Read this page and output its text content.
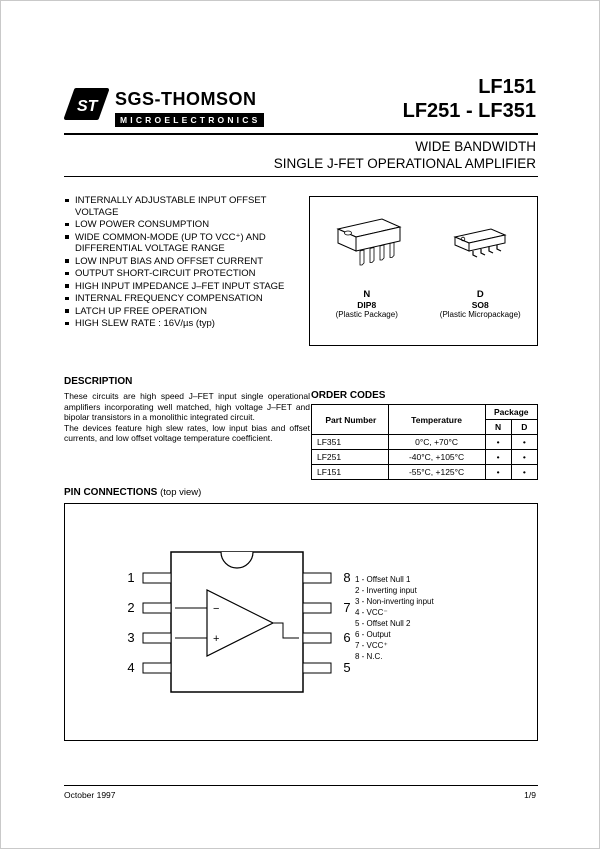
ST SGS-THOMSON
MICROELECTRONICS
LF151
LF251 - LF351
WIDE BANDWIDTH
SINGLE J-FET OPERATIONAL AMPLIFIER
INTERNALLY ADJUSTABLE INPUT OFFSET VOLTAGE
LOW POWER CONSUMPTION
WIDE COMMON-MODE (UP TO VCC⁺) AND DIFFERENTIAL VOLTAGE RANGE
LOW INPUT BIAS AND OFFSET CURRENT
OUTPUT SHORT-CIRCUIT PROTECTION
HIGH INPUT IMPEDANCE J–FET INPUT STAGE
INTERNAL FREQUENCY COMPENSATION
LATCH UP FREE OPERATION
HIGH SLEW RATE : 16V/µs (typ)
N
DIP8
(Plastic Package)
D
SO8
(Plastic Micropackage)
DESCRIPTION

These circuits are high speed J–FET input single operational amplifiers incorporating well matched, high voltage J–FET and bipolar transistors in a monolithic integrated circuit.

The devices feature high slew rates, low input bias and offset currents, and low offset voltage temperature coefficient.

ORDER CODES
Part Number	Temperature	Package	
		N	D
LF351	0°C, +70°C	•	•
LF251	-40°C, +105°C	•	•
LF151	-55°C, +125°C	•	•
PIN CONNECTIONS (top view)
1
2
3
4
8
7
6
5
−
+
1 - Offset Null 1
2 - Inverting input
3 - Non-inverting input
4 - VCC⁻
5 - Offset Null 2
6 - Output
7 - VCC⁺
8 - N.C.
October 1997	1/9
